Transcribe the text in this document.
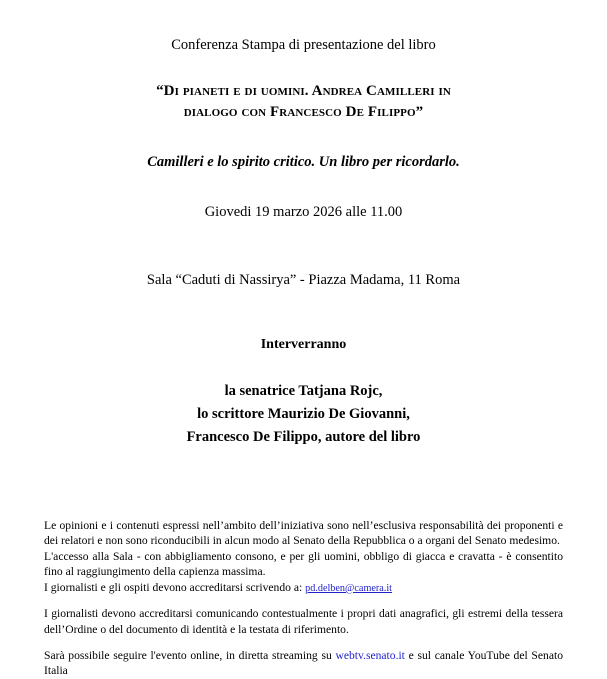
Conferenza Stampa di presentazione del libro
“Di pianeti e di uomini. Andrea Camilleri in
dialogo con Francesco De Filippo”
Camilleri e lo spirito critico. Un libro per ricordarlo.
Giovedi 19 marzo 2026 alle 11.00
Sala “Caduti di Nassirya” - Piazza Madama, 11 Roma
Interverranno
la senatrice Tatjana Rojc,
lo scrittore Maurizio De Giovanni,
Francesco De Filippo, autore del libro

Le opinioni e i contenuti espressi nell’ambito dell’iniziativa sono nell’esclusiva responsabilità dei proponenti e dei relatori e non sono riconducibili in alcun modo al Senato della Repubblica o a organi del Senato medesimo.

L'accesso alla Sala - con abbigliamento consono, e per gli uomini, obbligo di giacca e cravatta - è consentito fino al raggiungimento della capienza massima.

I giornalisti e gli ospiti devono accreditarsi scrivendo a: pd.delben@camera.it

I giornalisti devono accreditarsi comunicando contestualmente i propri dati anagrafici, gli estremi della tessera dell’Ordine o del documento di identità e la testata di riferimento.

Sarà possibile seguire l'evento online, in diretta streaming su webtv.senato.it e sul canale YouTube del Senato Italia
